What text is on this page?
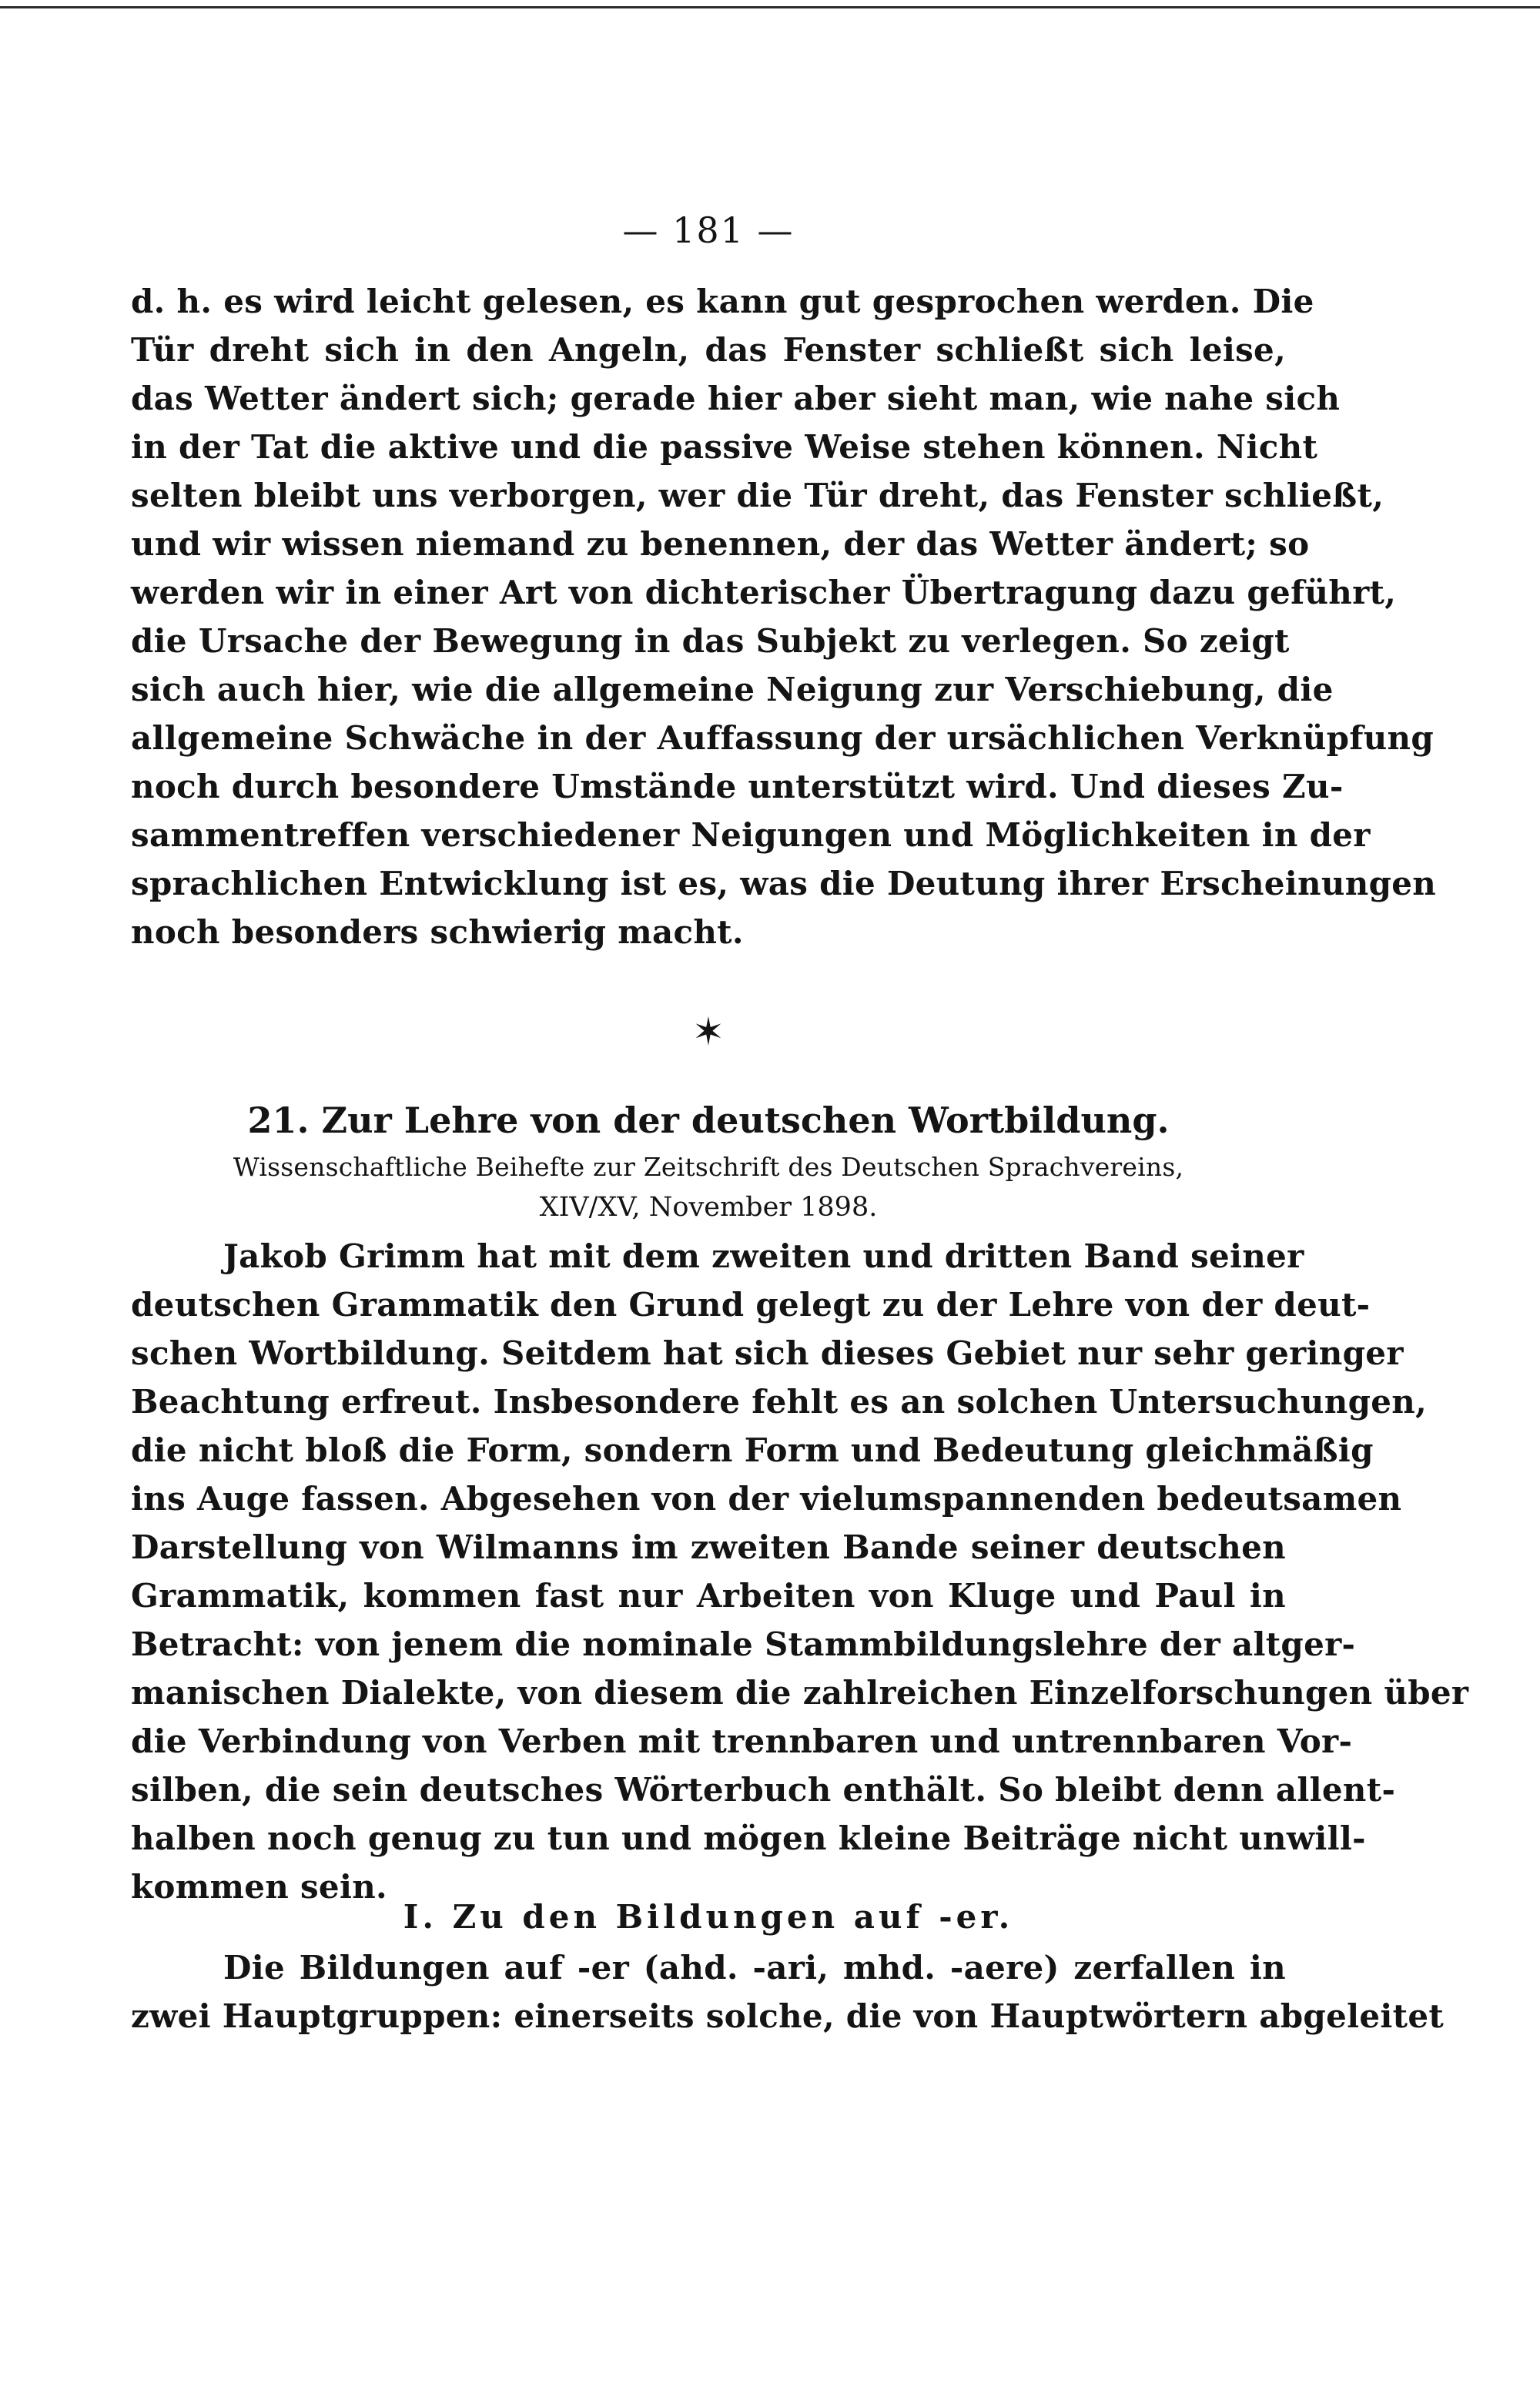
— 181 —
d. h. es wird leicht gelesen, es kann gut gesprochen werden. Die
Tür dreht sich in den Angeln, das Fenster schließt sich leise,
das Wetter ändert sich; gerade hier aber sieht man, wie nahe sich
in der Tat die aktive und die passive Weise stehen können. Nicht
selten bleibt uns verborgen, wer die Tür dreht, das Fenster schließt,
und wir wissen niemand zu benennen, der das Wetter ändert; so
werden wir in einer Art von dichterischer Übertragung dazu geführt,
die Ursache der Bewegung in das Subjekt zu verlegen. So zeigt
sich auch hier, wie die allgemeine Neigung zur Verschiebung, die
allgemeine Schwäche in der Auffassung der ursächlichen Verknüpfung
noch durch besondere Umstände unterstützt wird. Und dieses Zu-
sammentreffen verschiedener Neigungen und Möglichkeiten in der
sprachlichen Entwicklung ist es, was die Deutung ihrer Erscheinungen
noch besonders schwierig macht.
✶
21. Zur Lehre von der deutschen Wortbildung.
Wissenschaftliche Beihefte zur Zeitschrift des Deutschen Sprachvereins,
XIV/XV, November 1898.
Jakob Grimm hat mit dem zweiten und dritten Band seiner
deutschen Grammatik den Grund gelegt zu der Lehre von der deut-
schen Wortbildung. Seitdem hat sich dieses Gebiet nur sehr geringer
Beachtung erfreut. Insbesondere fehlt es an solchen Untersuchungen,
die nicht bloß die Form, sondern Form und Bedeutung gleichmäßig
ins Auge fassen. Abgesehen von der vielumspannenden bedeutsamen
Darstellung von Wilmanns im zweiten Bande seiner deutschen
Grammatik, kommen fast nur Arbeiten von Kluge und Paul in
Betracht: von jenem die nominale Stammbildungslehre der altger-
manischen Dialekte, von diesem die zahlreichen Einzelforschungen über
die Verbindung von Verben mit trennbaren und untrennbaren Vor-
silben, die sein deutsches Wörterbuch enthält. So bleibt denn allent-
halben noch genug zu tun und mögen kleine Beiträge nicht unwill-
kommen sein.
I. Zu den Bildungen auf -er.
Die Bildungen auf -er (ahd. -ari, mhd. -aere) zerfallen in
zwei Hauptgruppen: einerseits solche, die von Hauptwörtern abgeleitet
